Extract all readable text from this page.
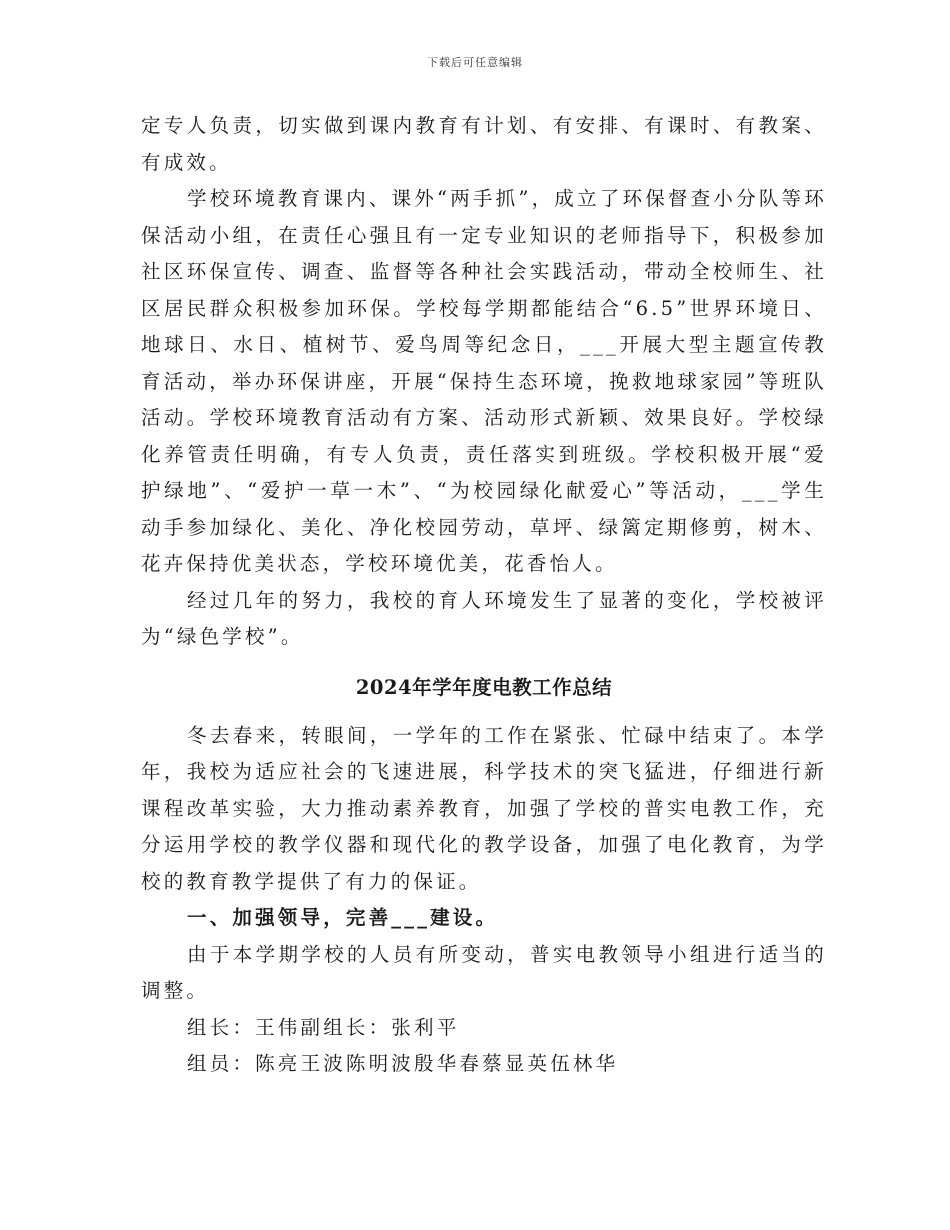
下载后可任意编辑

定专人负责，切实做到课内教育有计划、有安排、有课时、有教案、有成效。

学校环境教育课内、课外“两手抓”，成立了环保督查小分队等环保活动小组，在责任心强且有一定专业知识的老师指导下，积极参加社区环保宣传、调查、监督等各种社会实践活动，带动全校师生、社区居民群众积极参加环保。学校每学期都能结合“6.5”世界环境日、地球日、水日、植树节、爱鸟周等纪念日，___开展大型主题宣传教育活动，举办环保讲座，开展“保持生态环境，挽救地球家园”等班队活动。学校环境教育活动有方案、活动形式新颖、效果良好。学校绿化养管责任明确，有专人负责，责任落实到班级。学校积极开展“爱护绿地”、“爱护一草一木”、“为校园绿化献爱心”等活动，___学生动手参加绿化、美化、净化校园劳动，草坪、绿篱定期修剪，树木、花卉保持优美状态，学校环境优美，花香怡人。

经过几年的努力，我校的育人环境发生了显著的变化，学校被评为“绿色学校”。

2024年学年度电教工作总结

冬去春来，转眼间，一学年的工作在紧张、忙碌中结束了。本学年，我校为适应社会的飞速进展，科学技术的突飞猛进，仔细进行新课程改革实验，大力推动素养教育，加强了学校的普实电教工作，充分运用学校的教学仪器和现代化的教学设备，加强了电化教育，为学校的教育教学提供了有力的保证。

一、加强领导，完善___建设。

由于本学期学校的人员有所变动，普实电教领导小组进行适当的调整。

组长：王伟副组长：张利平

组员：陈亮王波陈明波殷华春蔡显英伍林华
